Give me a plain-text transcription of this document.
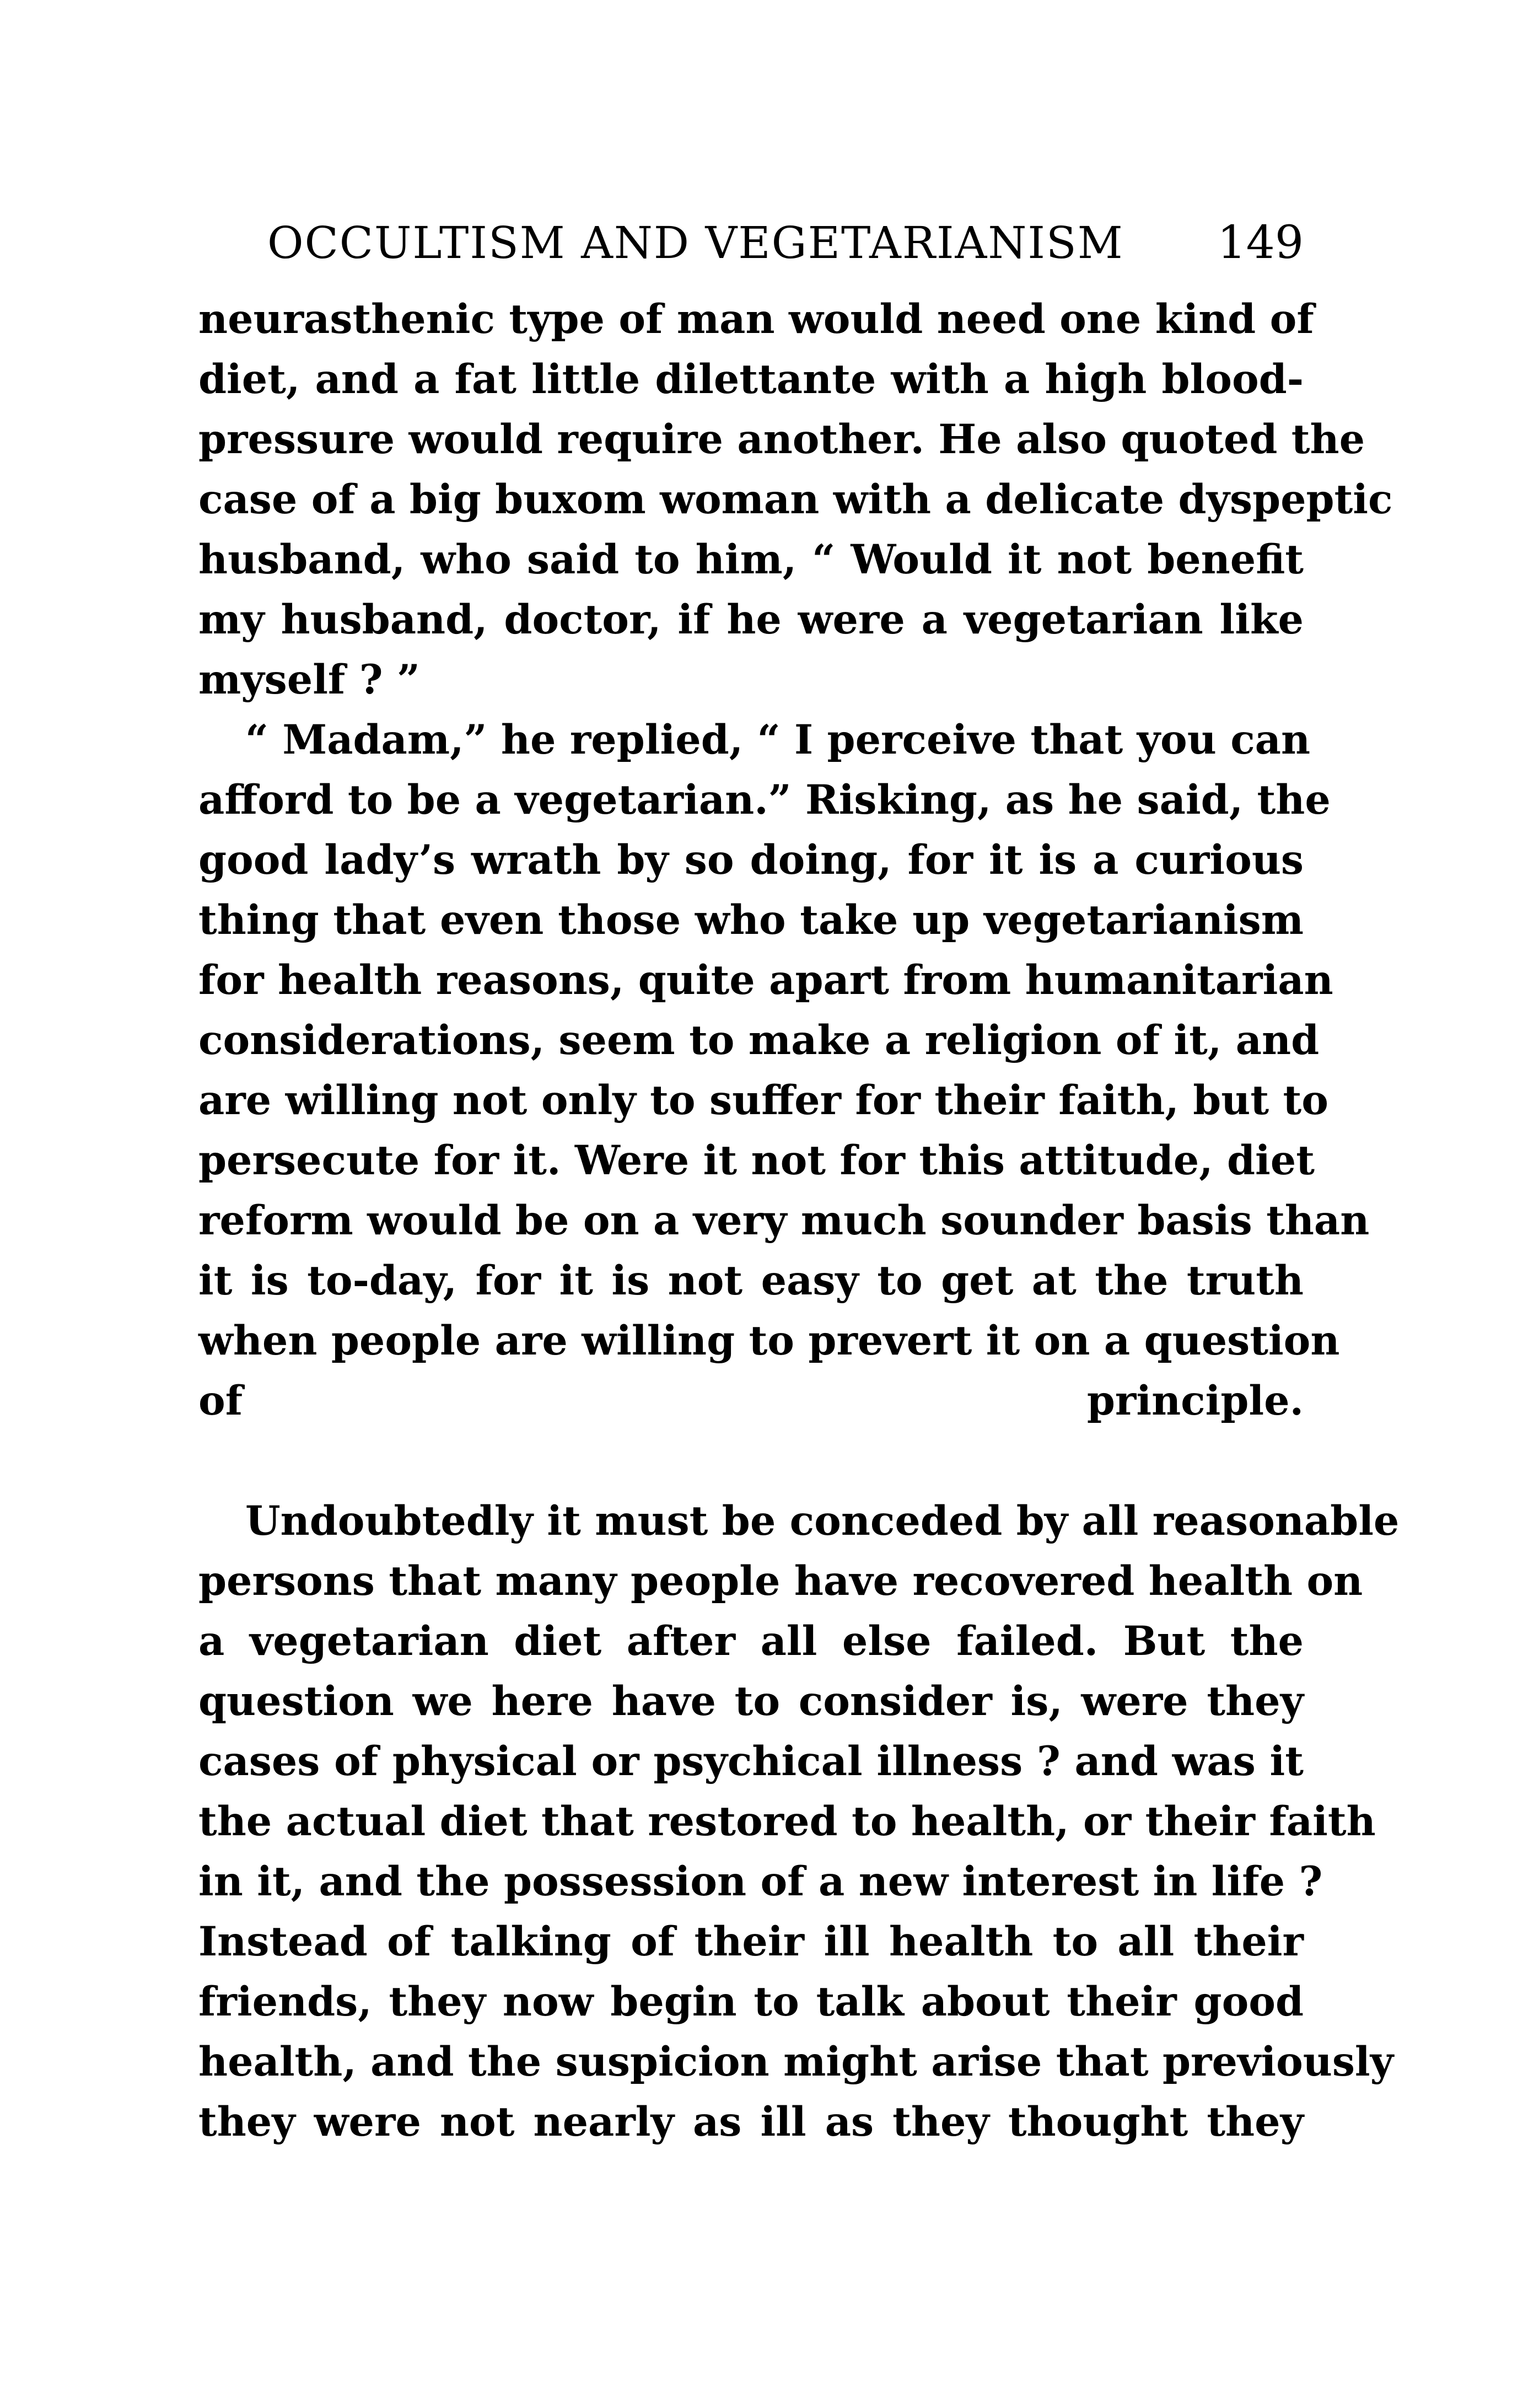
OCCULTISM AND VEGETARIANISM 149
neurasthenic type of man would need one kind of
diet, and a fat little dilettante with a high blood-
pressure would require another. He also quoted the
case of a big buxom woman with a delicate dyspeptic
husband, who said to him, “ Would it not benefit
my husband, doctor, if he were a vegetarian like
myself ? ”
“ Madam,” he replied, “ I perceive that you can
afford to be a vegetarian.” Risking, as he said, the
good lady’s wrath by so doing, for it is a curious
thing that even those who take up vegetarianism
for health reasons, quite apart from humanitarian
considerations, seem to make a religion of it, and
are willing not only to suffer for their faith, but to
persecute for it. Were it not for this attitude, diet
reform would be on a very much sounder basis than
it is to-day, for it is not easy to get at the truth
when people are willing to prevert it on a question
of principle.
Undoubtedly it must be conceded by all reasonable
persons that many people have recovered health on
a vegetarian diet after all else failed. But the
question we here have to consider is, were they
cases of physical or psychical illness ? and was it
the actual diet that restored to health, or their faith
in it, and the possession of a new interest in life ?
Instead of talking of their ill health to all their
friends, they now begin to talk about their good
health, and the suspicion might arise that previously
they were not nearly as ill as they thought they
